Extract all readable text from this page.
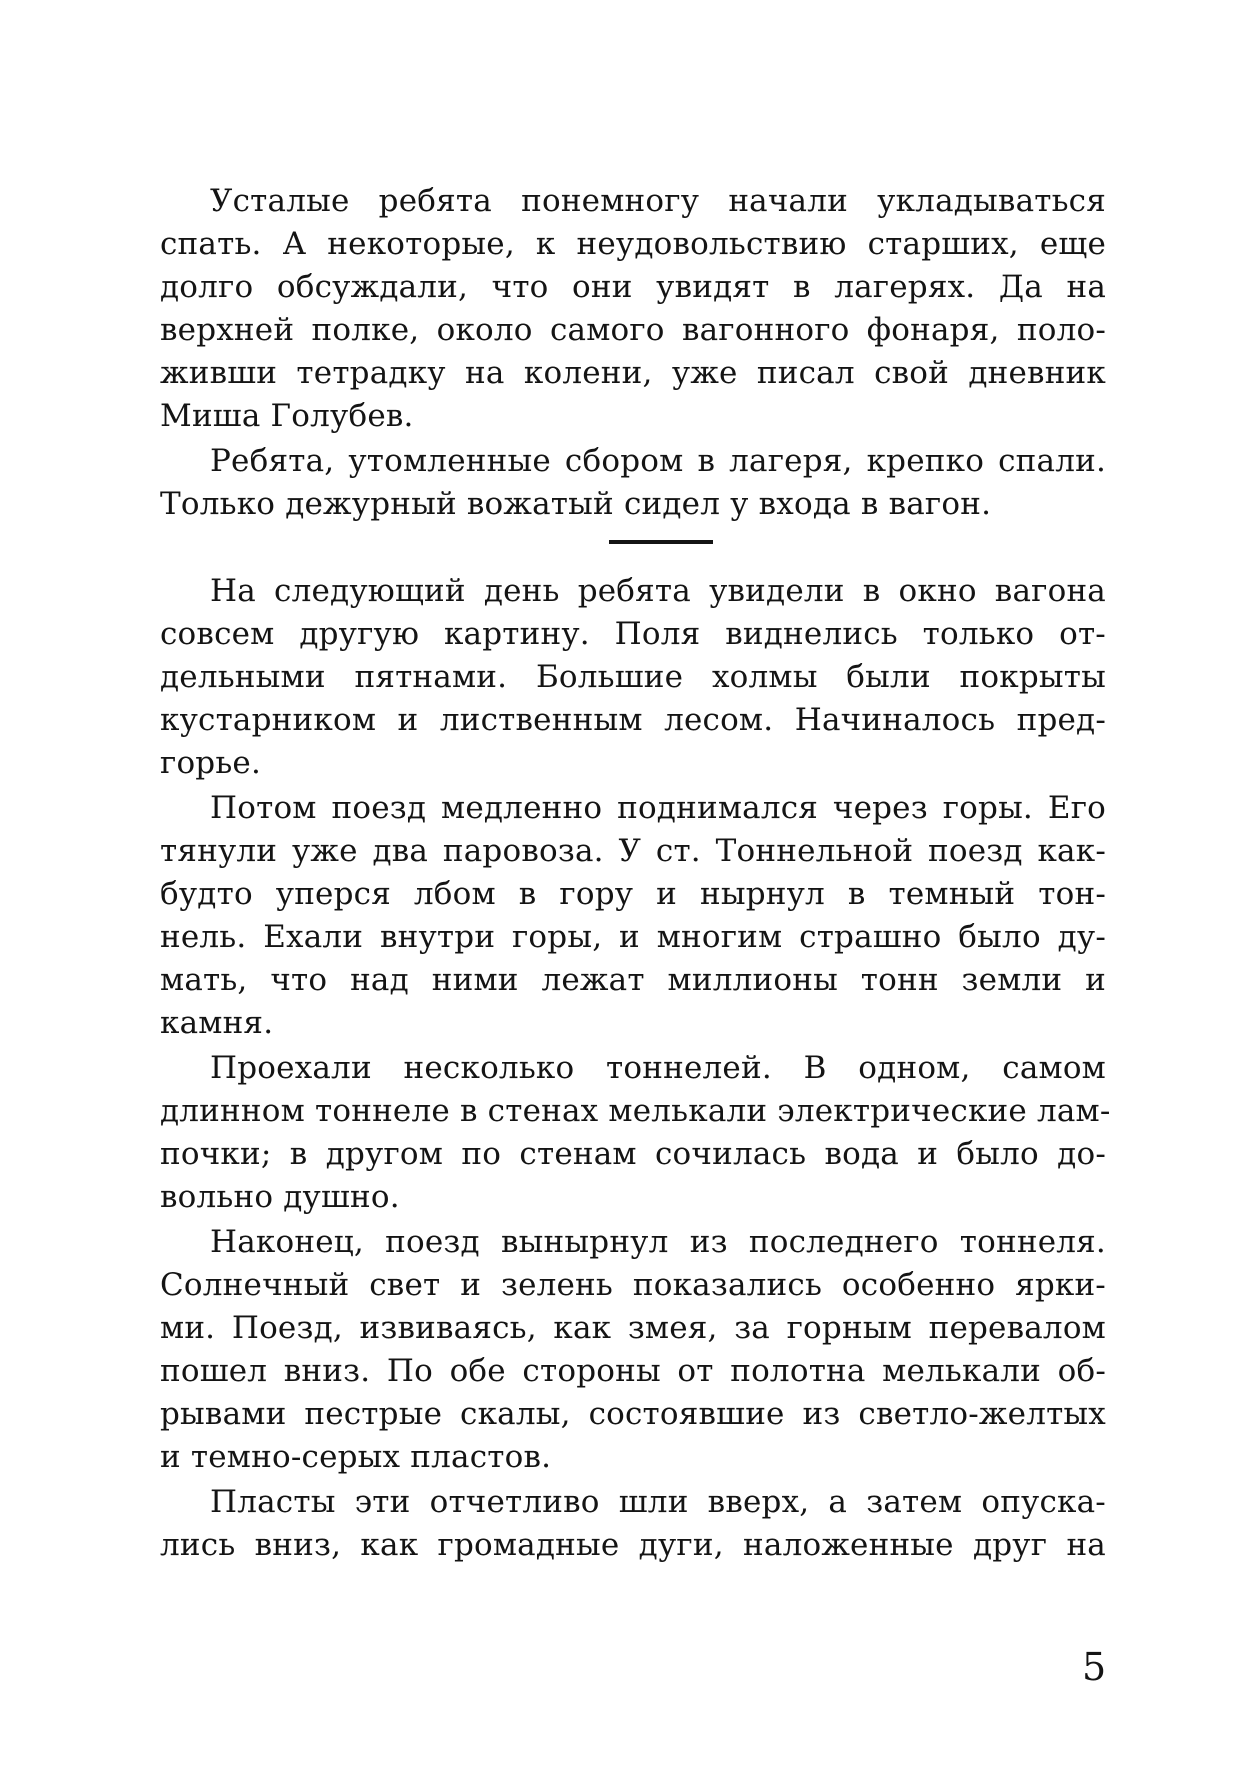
Усталые ребята понемногу начали укладываться
спать. А некоторые, к неудовольствию старших, еще
долго обсуждали, что они увидят в лагерях. Да на
верхней полке, около самого вагонного фонаря, поло-
живши тетрадку на колени, уже писал свой дневник
Миша Голубев.
Ребята, утомленные сбором в лагеря, крепко спали.
Только дежурный вожатый сидел у входа в вагон.
На следующий день ребята увидели в окно вагона
совсем другую картину. Поля виднелись только от-
дельными пятнами. Большие холмы были покрыты
кустарником и лиственным лесом. Начиналось пред-
горье.
Потом поезд медленно поднимался через горы. Его
тянули уже два паровоза. У ст. Тоннельной поезд как-
будто уперся лбом в гору и нырнул в темный тон-
нель. Ехали внутри горы, и многим страшно было ду-
мать, что над ними лежат миллионы тонн земли и
камня.
Проехали несколько тоннелей. В одном, самом
длинном тоннеле в стенах мелькали электрические лам-
почки; в другом по стенам сочилась вода и было до-
вольно душно.
Наконец, поезд вынырнул из последнего тоннеля.
Солнечный свет и зелень показались особенно ярки-
ми. Поезд, извиваясь, как змея, за горным перевалом
пошел вниз. По обе стороны от полотна мелькали об-
рывами пестрые скалы, состоявшие из светло-желтых
и темно-серых пластов.
Пласты эти отчетливо шли вверх, а затем опуска-
лись вниз, как громадные дуги, наложенные друг на
5
